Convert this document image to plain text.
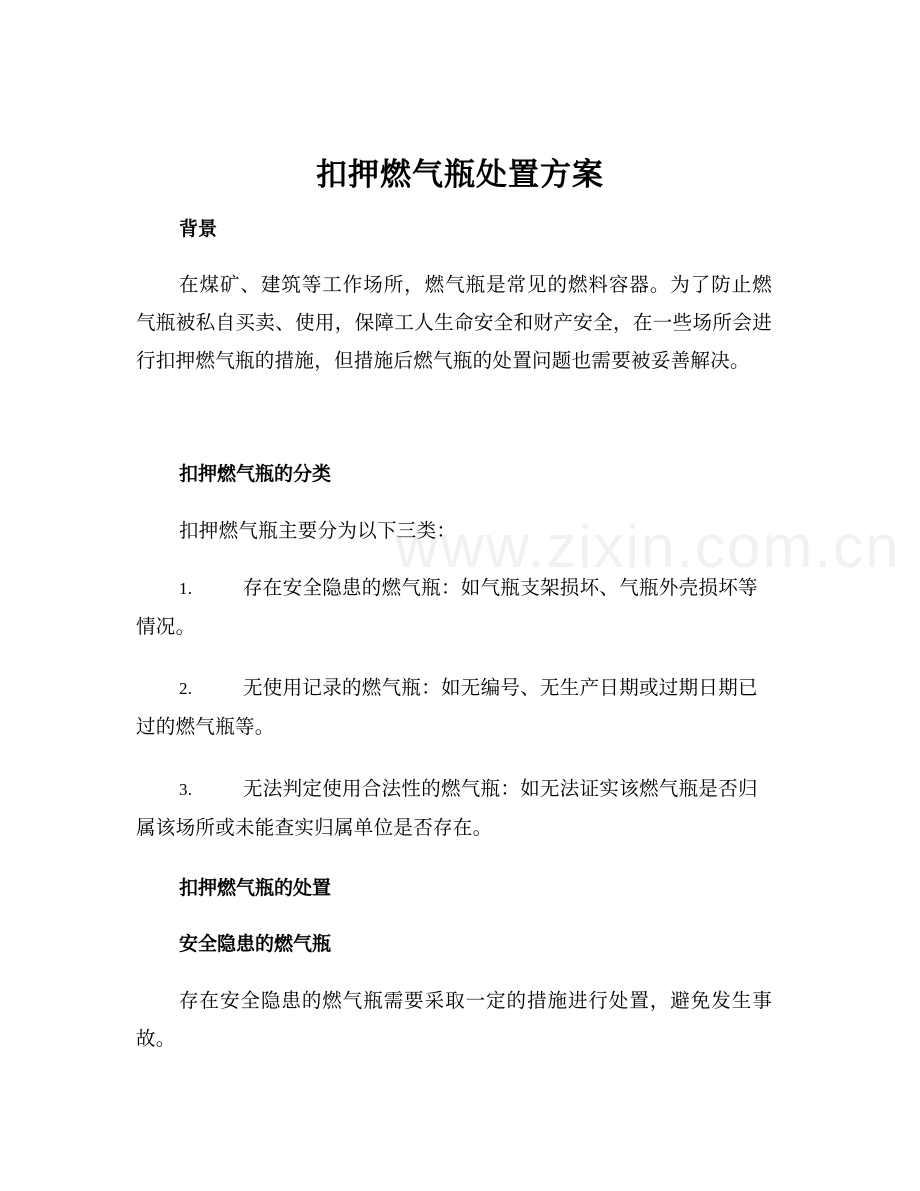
www.zixin.com.cn
扣押燃气瓶处置方案
背景
在煤矿、建筑等工作场所，燃气瓶是常见的燃料容器。为了防止燃气瓶被私自买卖、使用，保障工人生命安全和财产安全，在一些场所会进行扣押燃气瓶的措施，但措施后燃气瓶的处置问题也需要被妥善解决。
扣押燃气瓶的分类
扣押燃气瓶主要分为以下三类：
1.	存在安全隐患的燃气瓶：如气瓶支架损坏、气瓶外壳损坏等情况。
2.	无使用记录的燃气瓶：如无编号、无生产日期或过期日期已过的燃气瓶等。
3.	无法判定使用合法性的燃气瓶：如无法证实该燃气瓶是否归属该场所或未能查实归属单位是否存在。
扣押燃气瓶的处置
安全隐患的燃气瓶
存在安全隐患的燃气瓶需要采取一定的措施进行处置，避免发生事故。
